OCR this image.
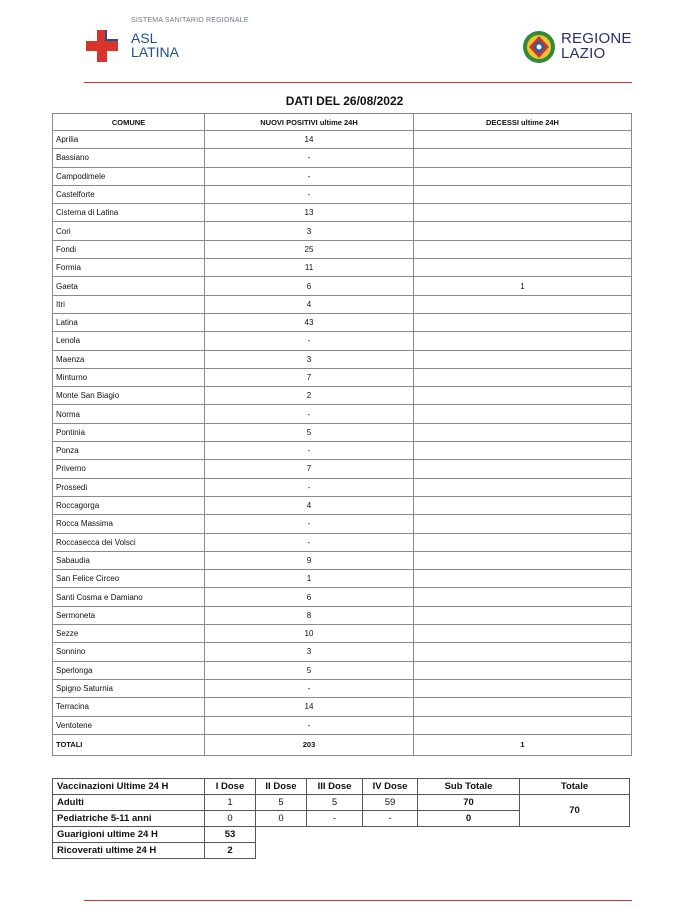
SISTEMA SANITARIO REGIONALE
ASL
LATINA
REGIONE
LAZIO
DATI DEL 26/08/2022
COMUNE	NUOVI POSITIVI ultime 24H	DECESSI ultime 24H
Aprilia	14	
Bassiano	-	
Campodimele	-	
Castelforte	-	
Cisterna di Latina	13	
Cori	3	
Fondi	25	
Formia	11	
Gaeta	6	1
Itri	4	
Latina	43	
Lenola	-	
Maenza	3	
Minturno	7	
Monte San Biagio	2	
Norma	-	
Pontinia	5	
Ponza	-	
Priverno	7	
Prossedi	-	
Roccagorga	4	
Rocca Massima	-	
Roccasecca dei Volsci	-	
Sabaudia	9	
San Felice Circeo	1	
Santi Cosma e Damiano	6	
Sermoneta	8	
Sezze	10	
Sonnino	3	
Sperlonga	5	
Spigno Saturnia	-	
Terracina	14	
Ventotene	-	
TOTALI	203	1
Vaccinazioni Ultime 24 H	I Dose	II Dose	III Dose	IV Dose	Sub Totale	Totale
Adulti	1	5	5	59	70	70
Pediatriche 5-11 anni	0	0	-	-	0	
Guarigioni ultime 24 H	53					
Ricoverati ultime 24 H	2					
